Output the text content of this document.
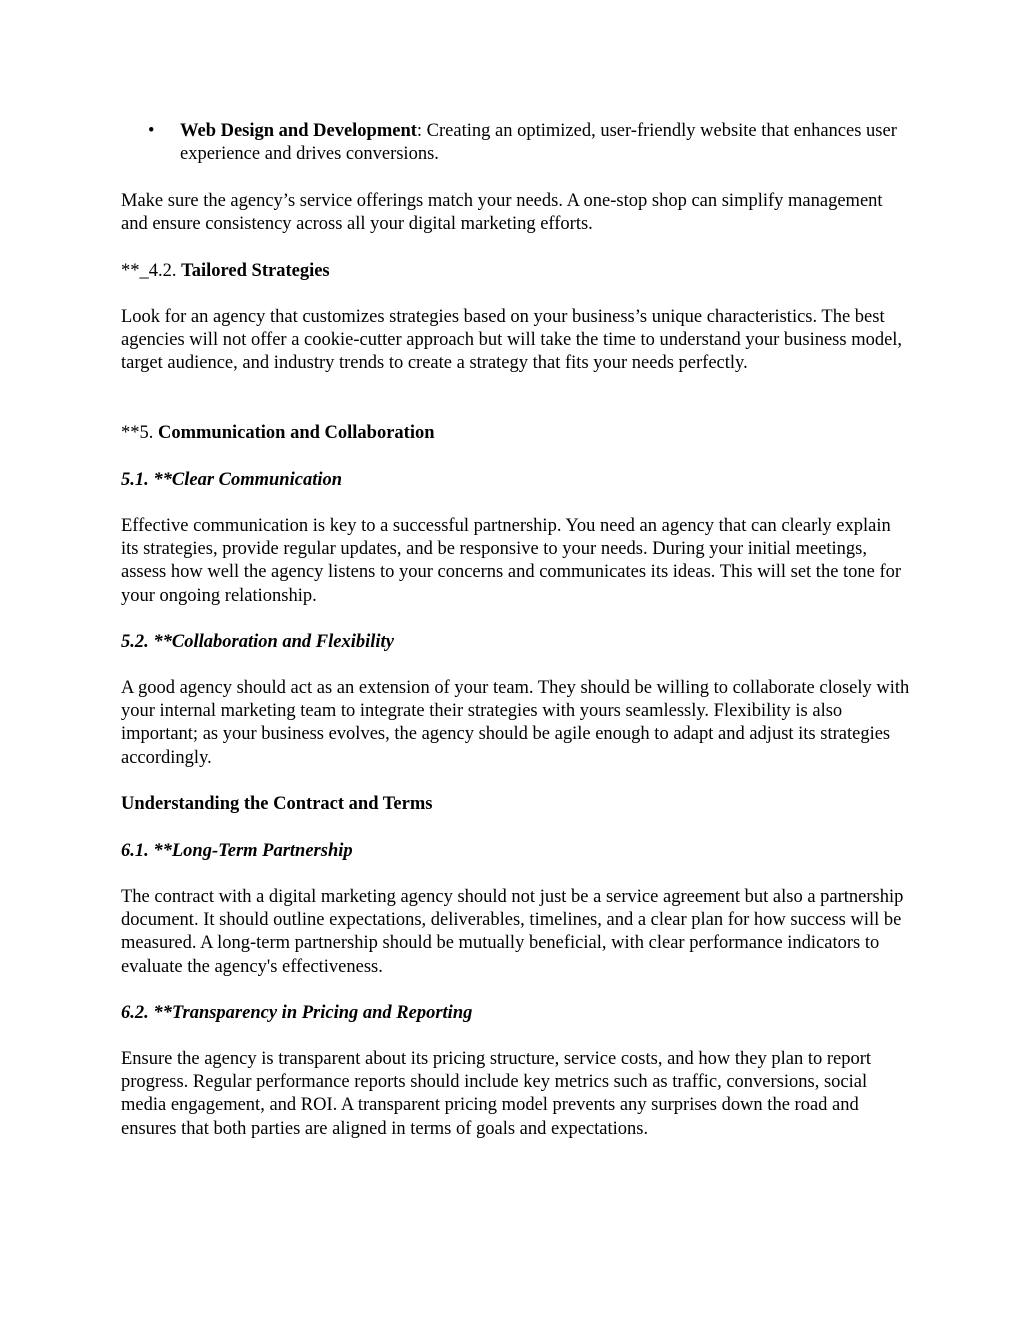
• Web Design and Development: Creating an optimized, user-friendly website that enhances user experience and drives conversions.

Make sure the agency’s service offerings match your needs. A one-stop shop can simplify management and ensure consistency across all your digital marketing efforts.

**_4.2. Tailored Strategies

Look for an agency that customizes strategies based on your business’s unique characteristics. The best agencies will not offer a cookie-cutter approach but will take the time to understand your business model, target audience, and industry trends to create a strategy that fits your needs perfectly.

**5. Communication and Collaboration

5.1. **Clear Communication

Effective communication is key to a successful partnership. You need an agency that can clearly explain its strategies, provide regular updates, and be responsive to your needs. During your initial meetings, assess how well the agency listens to your concerns and communicates its ideas. This will set the tone for your ongoing relationship.

5.2. **Collaboration and Flexibility

A good agency should act as an extension of your team. They should be willing to collaborate closely with your internal marketing team to integrate their strategies with yours seamlessly. Flexibility is also important; as your business evolves, the agency should be agile enough to adapt and adjust its strategies accordingly.

Understanding the Contract and Terms

6.1. **Long-Term Partnership

The contract with a digital marketing agency should not just be a service agreement but also a partnership document. It should outline expectations, deliverables, timelines, and a clear plan for how success will be measured. A long-term partnership should be mutually beneficial, with clear performance indicators to evaluate the agency's effectiveness.

6.2. **Transparency in Pricing and Reporting

Ensure the agency is transparent about its pricing structure, service costs, and how they plan to report progress. Regular performance reports should include key metrics such as traffic, conversions, social media engagement, and ROI. A transparent pricing model prevents any surprises down the road and ensures that both parties are aligned in terms of goals and expectations.
